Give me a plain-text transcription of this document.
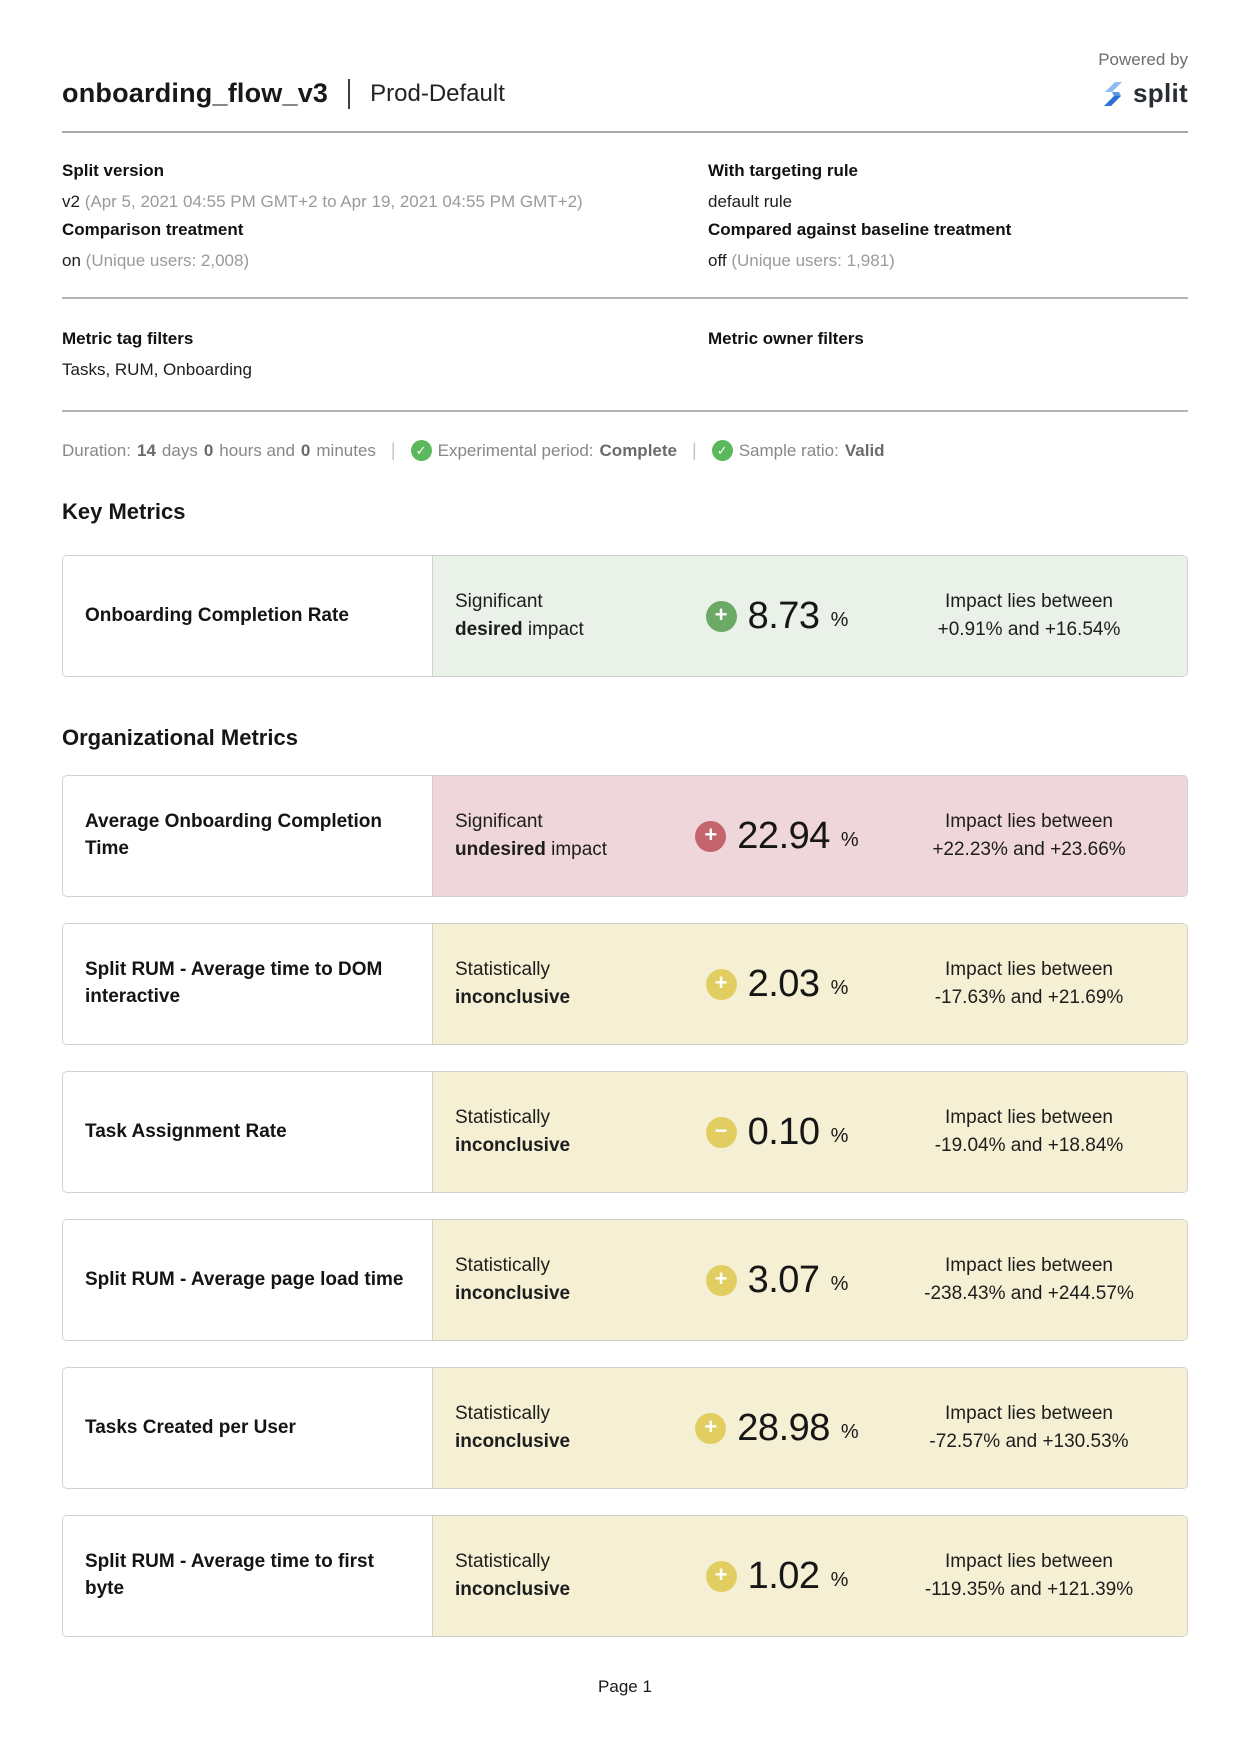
onboarding_flow_v3 Prod-Default
Powered by
split
Split version
v2 (Apr 5, 2021 04:55 PM GMT+2 to Apr 19, 2021 04:55 PM GMT+2)
With targeting rule
default rule
Comparison treatment
on (Unique users: 2,008)
Compared against baseline treatment
off (Unique users: 1,981)
Metric tag filters
Tasks, RUM, Onboarding
Metric owner filters
Duration: 14 days 0 hours and 0 minutes |	✓ Experimental period: Complete |	✓ Sample ratio: Valid
Key Metrics
Onboarding Completion Rate
Significant
desired impact
+ 8.73 %
Impact lies between
+0.91% and +16.54%
Organizational Metrics
Average Onboarding Completion Time
Significant
undesired impact
+ 22.94 %
Impact lies between
+22.23% and +23.66%
Split RUM - Average time to DOM interactive
Statistically
inconclusive
+ 2.03 %
Impact lies between
-17.63% and +21.69%
Task Assignment Rate
Statistically
inconclusive
− 0.10 %
Impact lies between
-19.04% and +18.84%
Split RUM - Average page load time
Statistically
inconclusive
+ 3.07 %
Impact lies between
-238.43% and +244.57%
Tasks Created per User
Statistically
inconclusive
+ 28.98 %
Impact lies between
-72.57% and +130.53%
Split RUM - Average time to first byte
Statistically
inconclusive
+ 1.02 %
Impact lies between
-119.35% and +121.39%
Page 1
